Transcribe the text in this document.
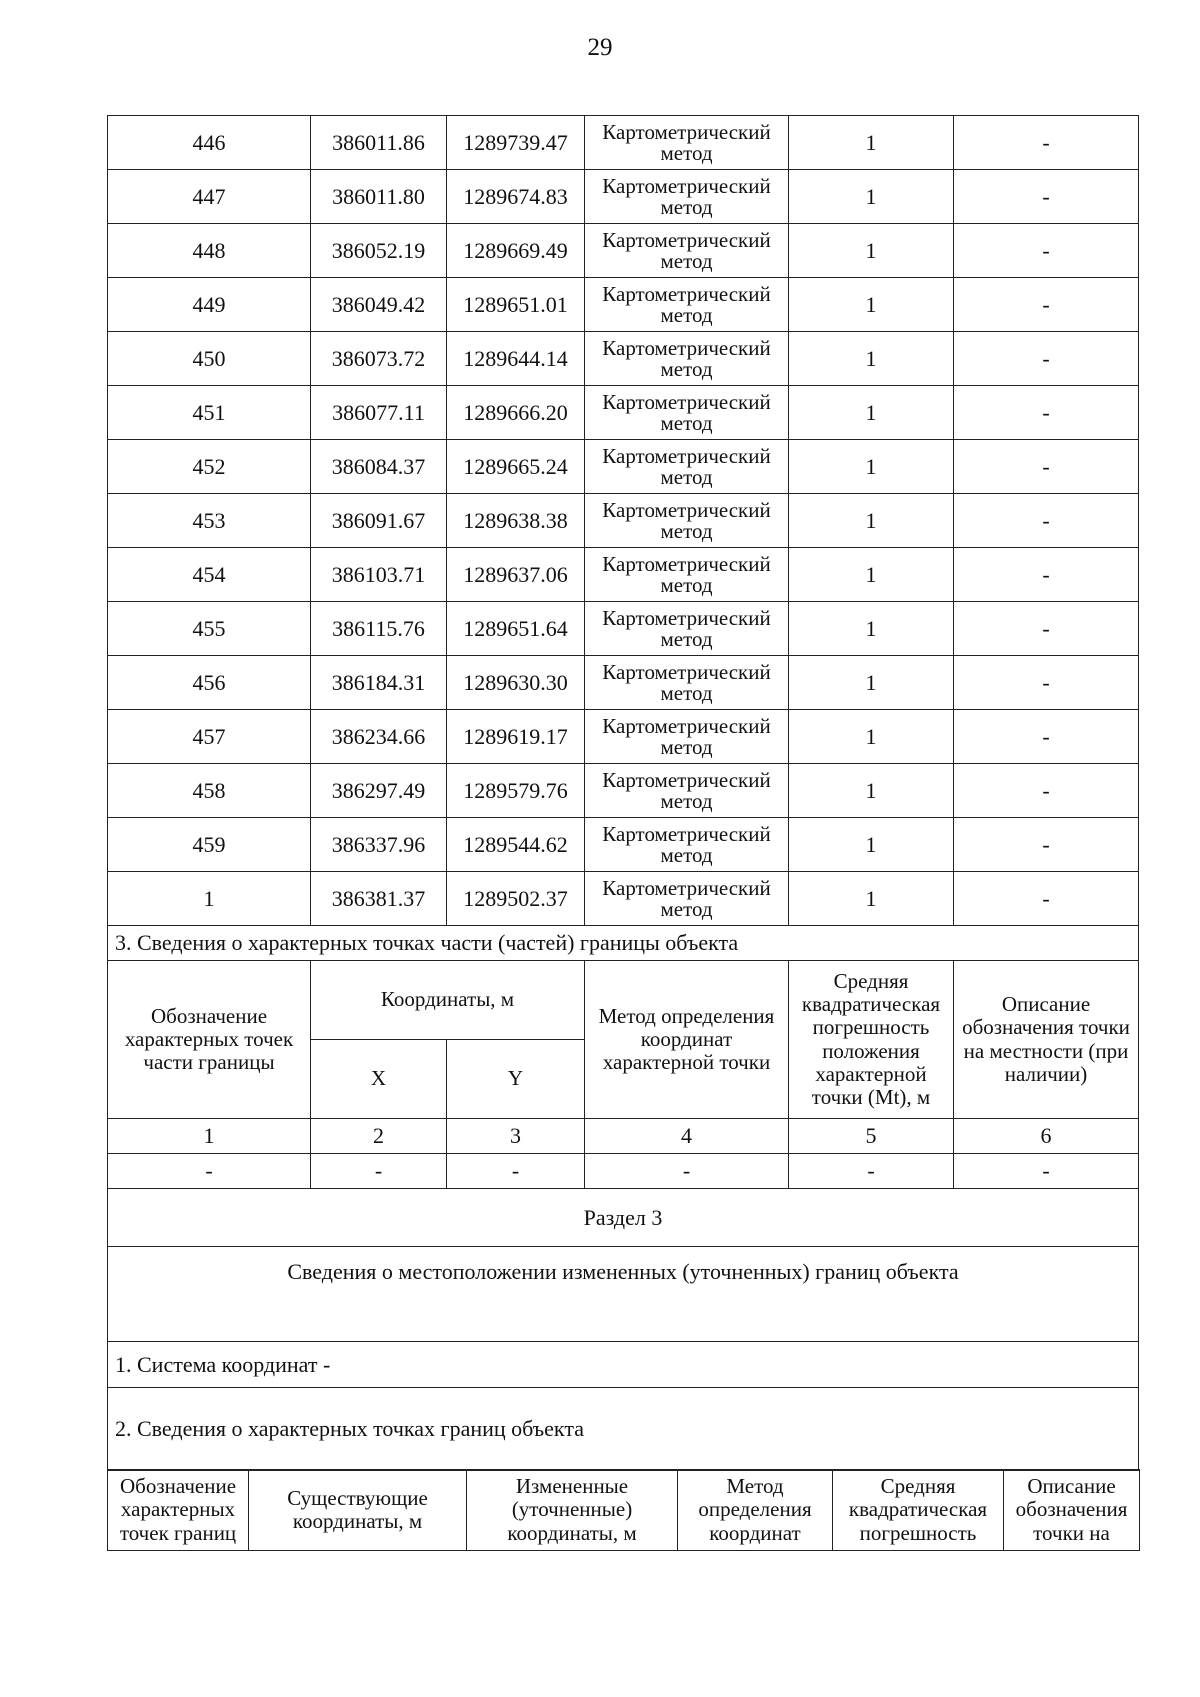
29
446	386011.86	1289739.47	Картометрический метод	1	-
447	386011.80	1289674.83	Картометрический метод	1	-
448	386052.19	1289669.49	Картометрический метод	1	-
449	386049.42	1289651.01	Картометрический метод	1	-
450	386073.72	1289644.14	Картометрический метод	1	-
451	386077.11	1289666.20	Картометрический метод	1	-
452	386084.37	1289665.24	Картометрический метод	1	-
453	386091.67	1289638.38	Картометрический метод	1	-
454	386103.71	1289637.06	Картометрический метод	1	-
455	386115.76	1289651.64	Картометрический метод	1	-
456	386184.31	1289630.30	Картометрический метод	1	-
457	386234.66	1289619.17	Картометрический метод	1	-
458	386297.49	1289579.76	Картометрический метод	1	-
459	386337.96	1289544.62	Картометрический метод	1	-
1	386381.37	1289502.37	Картометрический метод	1	-
3. Сведения о характерных точках части (частей) границы объекта					
Обозначение характерных точек части границы	Координаты, м		Метод определения координат характерной точки	Средняя квадратическая погрешность положения характерной точки (Mt), м	Описание обозначения точки на местности (при наличии)
	X	Y			
1	2	3	4	5	6
-	-	-	-	-	-
Раздел 3					
Сведения о местоположении измененных (уточненных) границ объекта					
1. Система координат -					
2. Сведения о характерных точках границ объекта					
Обозначение характерных точек границ	Существующие координаты, м	Измененные (уточненные) координаты, м	Метод определения координат	Средняя квадратическая погрешность	Описание обозначения точки на
